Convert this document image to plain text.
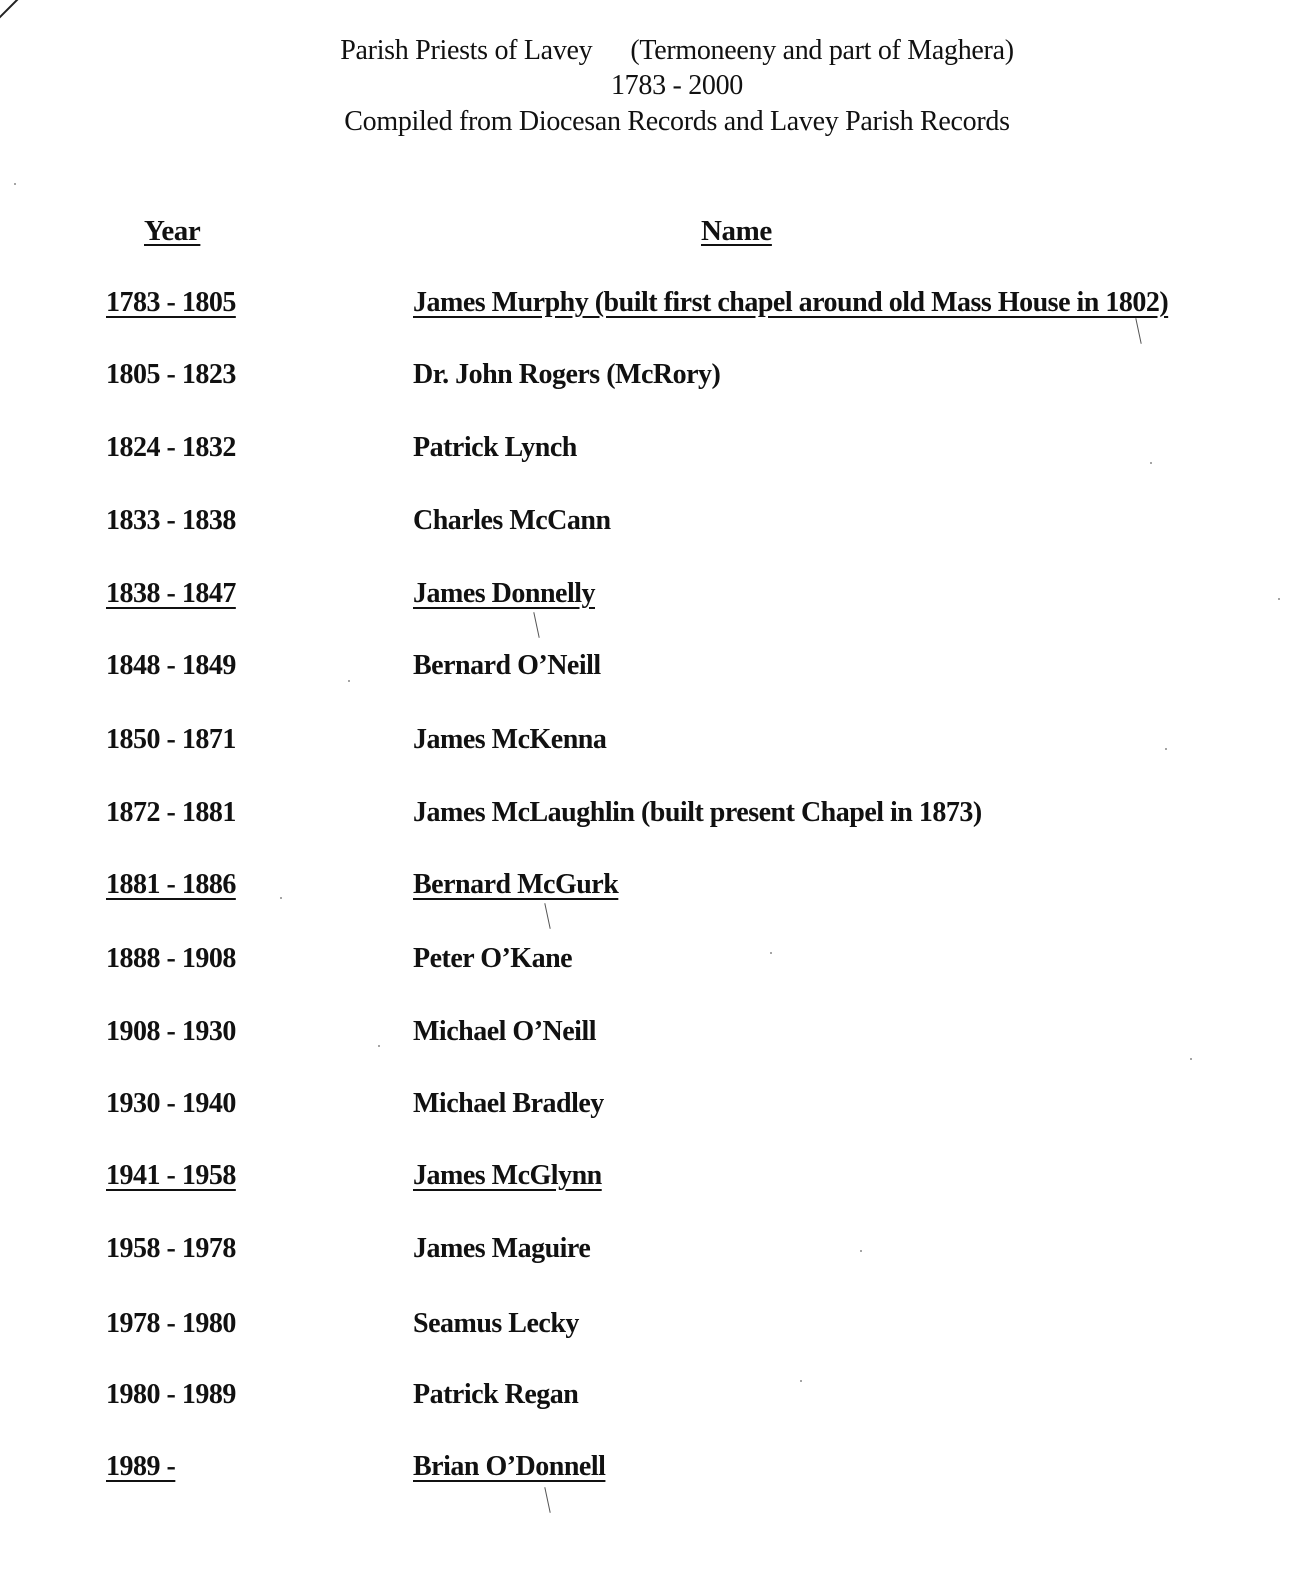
Parish Priests of Lavey (Termoneeny and part of Maghera)
1783 - 2000
Compiled from Diocesan Records and Lavey Parish Records
Year	Name
1783 - 1805	James Murphy (built first chapel around old Mass House in 1802)
1805 - 1823	Dr. John Rogers (McRory)
1824 - 1832	Patrick Lynch
1833 - 1838	Charles McCann
1838 - 1847	James Donnelly
1848 - 1849	Bernard O’Neill
1850 - 1871	James McKenna
1872 - 1881	James McLaughlin (built present Chapel in 1873)
1881 - 1886	Bernard McGurk
1888 - 1908	Peter O’Kane
1908 - 1930	Michael O’Neill
1930 - 1940	Michael Bradley
1941 - 1958	James McGlynn
1958 - 1978	James Maguire
1978 - 1980	Seamus Lecky
1980 - 1989	Patrick Regan
1989 -	Brian O’Donnell
